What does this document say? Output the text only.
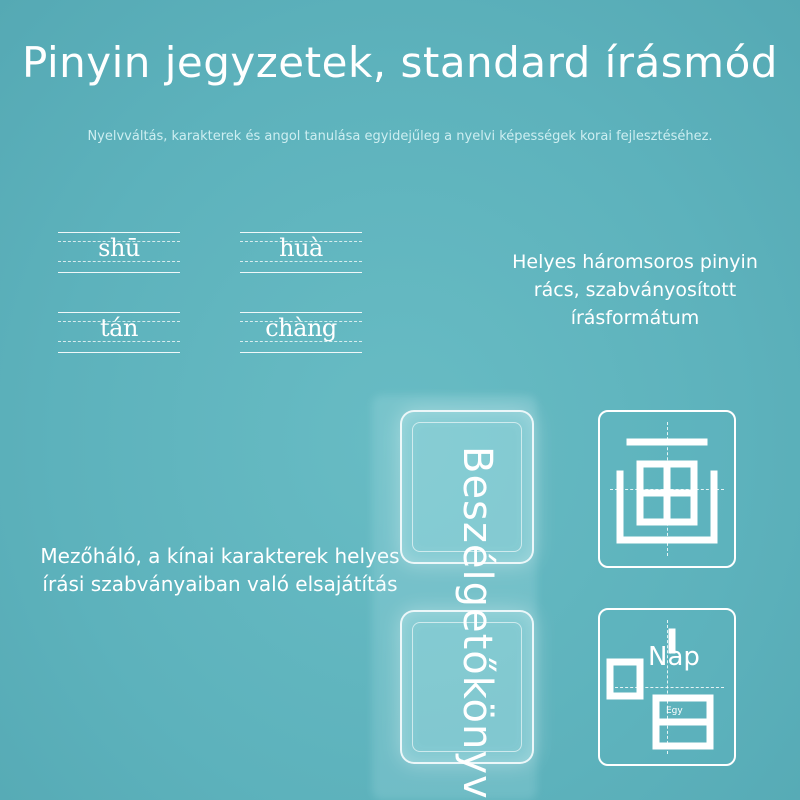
Pinyin jegyzetek, standard írásmód
Nyelvváltás, karakterek és angol tanulása egyidejűleg a nyelvi képességek korai fejlesztéséhez.
shū	huà
tán	chàng
Helyes háromsoros pinyin rács, szabványosított írásformátum
Mezőháló, a kínai karakterek helyes írási szabványaiban való elsajátítás	Beszélgetőkönyv	Nap
Egy
